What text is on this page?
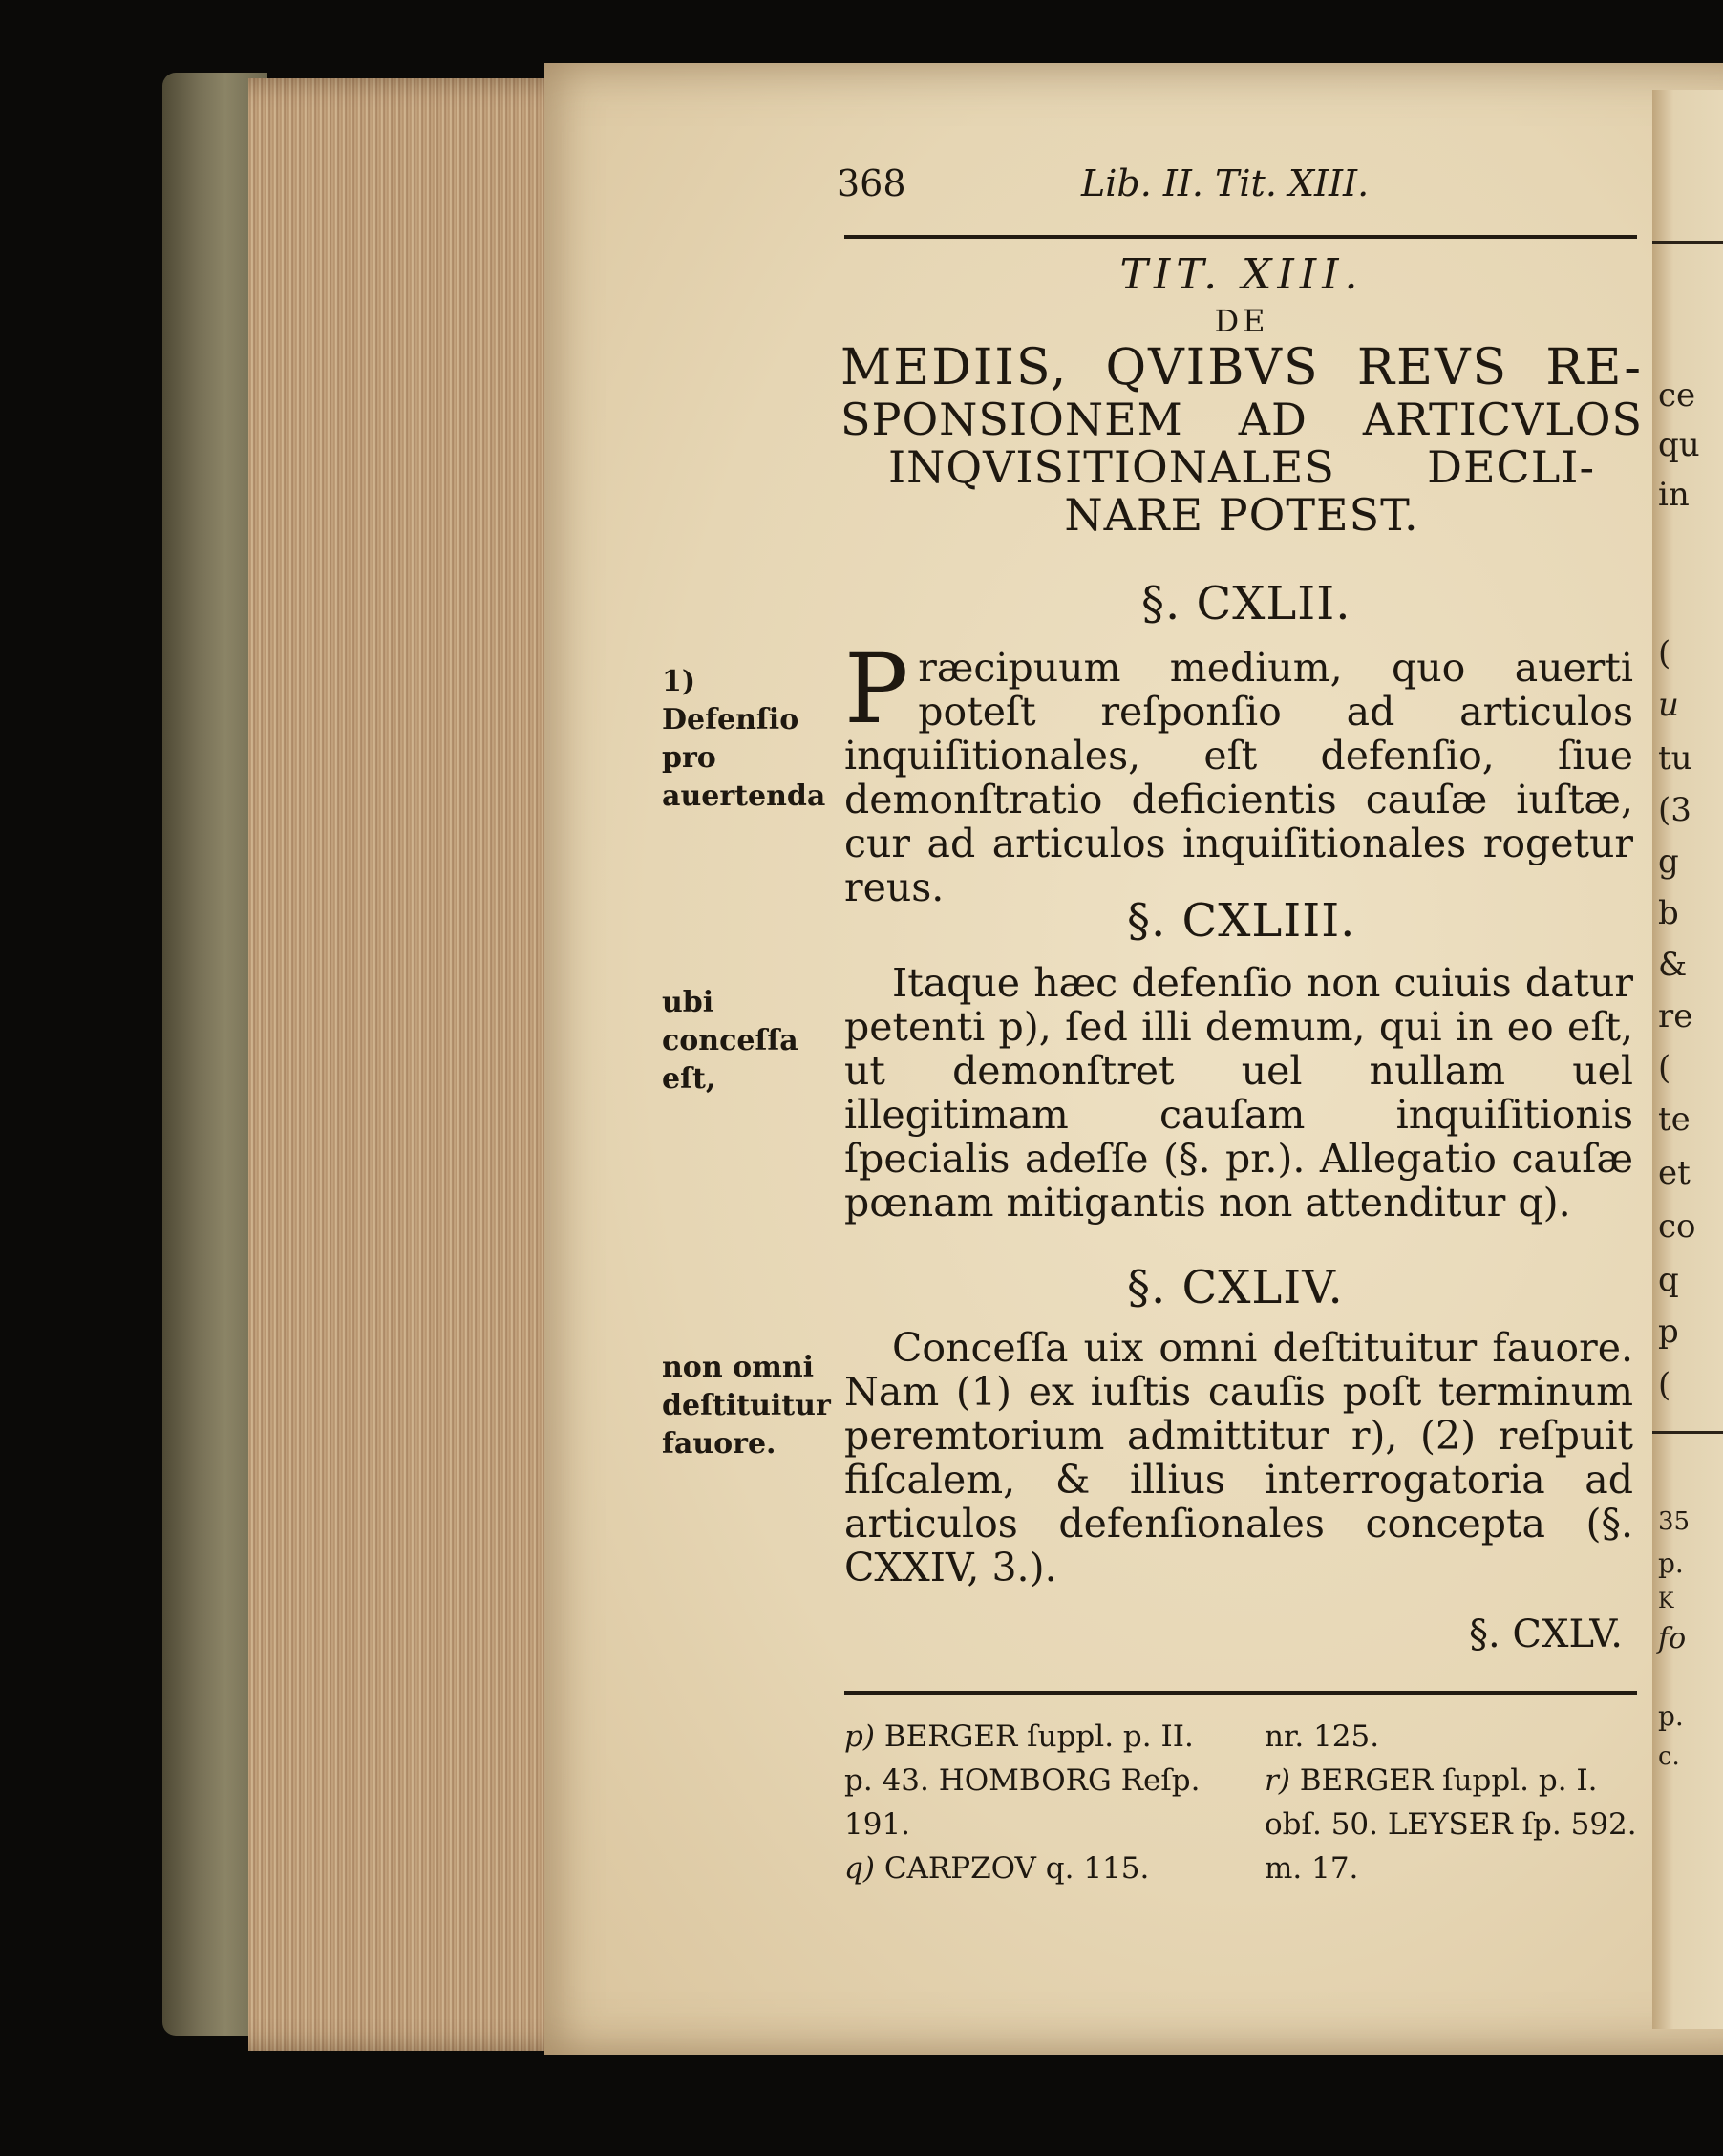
368	Lib. II. Tit. XIII.
TIT. XIII.
DE
MEDIIS, QVIBVS REVS RE-
SPONSIONEM AD ARTICVLOS
INQVISITIONALES DECLI-
NARE POTEST.
§. CXLII.

Præcipuum medium, quo auerti poteſt reſponſio ad articulos inquiſitionales, eſt defenſio, ſiue demonſtratio deficientis cauſæ iuſtæ, cur ad articulos inquiſitionales rogetur reus.

§. CXLIII.

Itaque hæc defenſio non cuiuis datur petenti p), ſed illi demum, qui in eo eſt, ut demonſtret uel nullam uel illegitimam cauſam inquiſitionis ſpecialis adeſſe (§. pr.). Allegatio cauſæ pœnam mitigantis non attenditur q).

§. CXLIV.

Conceſſa uix omni deſtituitur fauore. Nam (1) ex iuſtis cauſis poſt terminum peremtorium admittitur r), (2) reſpuit fiſcalem, & illius interrogatoria ad articulos defenſionales concepta (§. CXXIV, 3.).

§. CXLV.
1) Defenſio pro auertenda
ubi conceſſa eſt,
non omni deſtituitur fauore.

p) BERGER ſuppl. p. II. p. 43. HOMBORG Reſp. 191.

q) CARPZOV q. 115.

nr. 125.

r) BERGER ſuppl. p. I. obſ. 50. LEYSER ſp. 592. m. 17.

ce
qu
in
(
u
tu
(3
g
b
&
re
(
te
et
co
q
p
(
35
p.
K
fo
p.
c.
